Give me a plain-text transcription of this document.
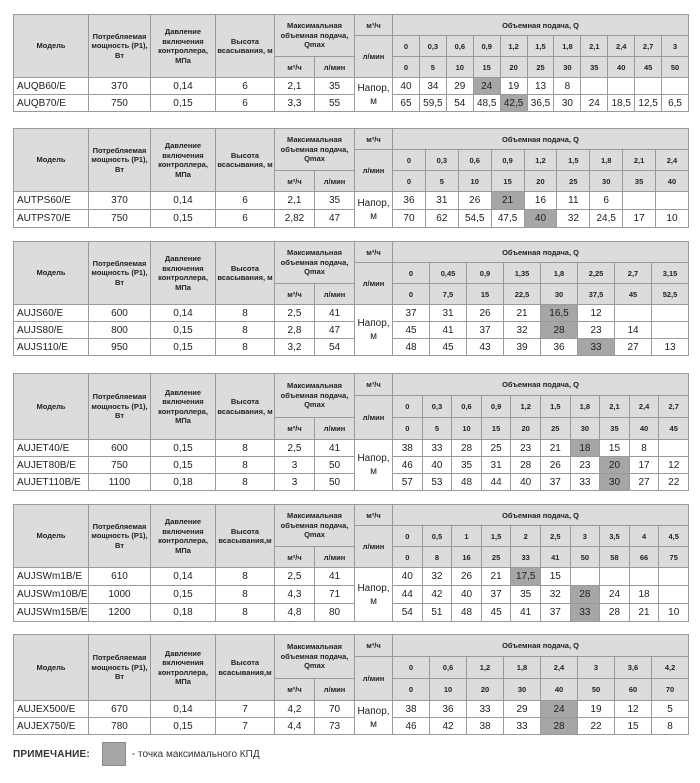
Модель	Потребляемая мощность (P1), Вт	Давление включения контроллера, МПа	Высота всасывания, м	Максимальная объемная подача, Qmax		м³/ч	Объемная подача, Q										
						л/мин	0	0,3	0,6	0,9	1,2	1,5	1,8	2,1	2,4	2,7	3
				м³/ч	л/мин		0	5	10	15	20	25	30	35	40	45	50
AUQB60/E	370	0,14	6	2,1	35	Напор, м	40	34	29	24	19	13	8				
AUQB70/E	750	0,15	6	3,3	55		65	59,5	54	48,5	42,5	36,5	30	24	18,5	12,5	6,5
Модель	Потребляемая мощность (P1), Вт	Давление включения контроллера, МПа	Высота всасывания, м	Максимальная объемная подача, Qmax		м³/ч	Объемная подача, Q								
						л/мин	0	0,3	0,6	0,9	1,2	1,5	1,8	2,1	2,4
				м³/ч	л/мин		0	5	10	15	20	25	30	35	40
AUTPS60/E	370	0,14	6	2,1	35	Напор, м	36	31	26	21	16	11	6		
AUTPS70/E	750	0,15	6	2,82	47		70	62	54,5	47,5	40	32	24,5	17	10
Модель	Потребляемая мощность (P1), Вт	Давление включения контроллера, МПа	Высота всасывания, м	Максимальная объемная подача, Qmax		м³/ч	Объемная подача, Q							
						л/мин	0	0,45	0,9	1,35	1,8	2,25	2,7	3,15
				м³/ч	л/мин		0	7,5	15	22,5	30	37,5	45	52,5
AUJS60/E	600	0,14	8	2,5	41	Напор, м	37	31	26	21	16,5	12		
AUJS80/E	800	0,15	8	2,8	47		45	41	37	32	28	23	14	
AUJS110/E	950	0,15	8	3,2	54		48	45	43	39	36	33	27	13
Модель	Потребляемая мощность (P1), Вт	Давление включения контроллера, МПа	Высота всасывания, м	Максимальная объемная подача, Qmax		м³/ч	Объемная подача, Q									
						л/мин	0	0,3	0,6	0,9	1,2	1,5	1,8	2,1	2,4	2,7
				м³/ч	л/мин		0	5	10	15	20	25	30	35	40	45
AUJET40/E	600	0,15	8	2,5	41	Напор, м	38	33	28	25	23	21	18	15	8	
AUJET80B/E	750	0,15	8	3	50		46	40	35	31	28	26	23	20	17	12
AUJET110B/E	1100	0,18	8	3	50		57	53	48	44	40	37	33	30	27	22
Модель	Потребляемая мощность (P1), Вт	Давление включения контроллера, МПа	Высота всасывания,м	Максимальная объемная подача, Qmax		м³/ч	Объемная подача, Q									
						л/мин	0	0,5	1	1,5	2	2,5	3	3,5	4	4,5
				м³/ч	л/мин		0	8	16	25	33	41	50	58	66	75
AUJSWm1B/E	610	0,14	8	2,5	41	Напор, м	40	32	26	21	17,5	15				
AUJSWm10B/E	1000	0,15	8	4,3	71		44	42	40	37	35	32	28	24	18	
AUJSWm15B/E	1200	0,18	8	4,8	80		54	51	48	45	41	37	33	28	21	10
Модель	Потребляемая мощность (P1), Вт	Давление включения контроллера, МПа	Высота всасывания,м	Максимальная объемная подача, Qmax		м³/ч	Объемная подача, Q							
						л/мин	0	0,6	1,2	1,8	2,4	3	3,6	4,2
				м³/ч	л/мин		0	10	20	30	40	50	60	70
AUJEX500/E	670	0,14	7	4,2	70	Напор, м	38	36	33	29	24	19	12	5
AUJEX750/E	780	0,15	7	4,4	73		46	42	38	33	28	22	15	8
ПРИМЕЧАНИЕ:	- точка максимального КПД
